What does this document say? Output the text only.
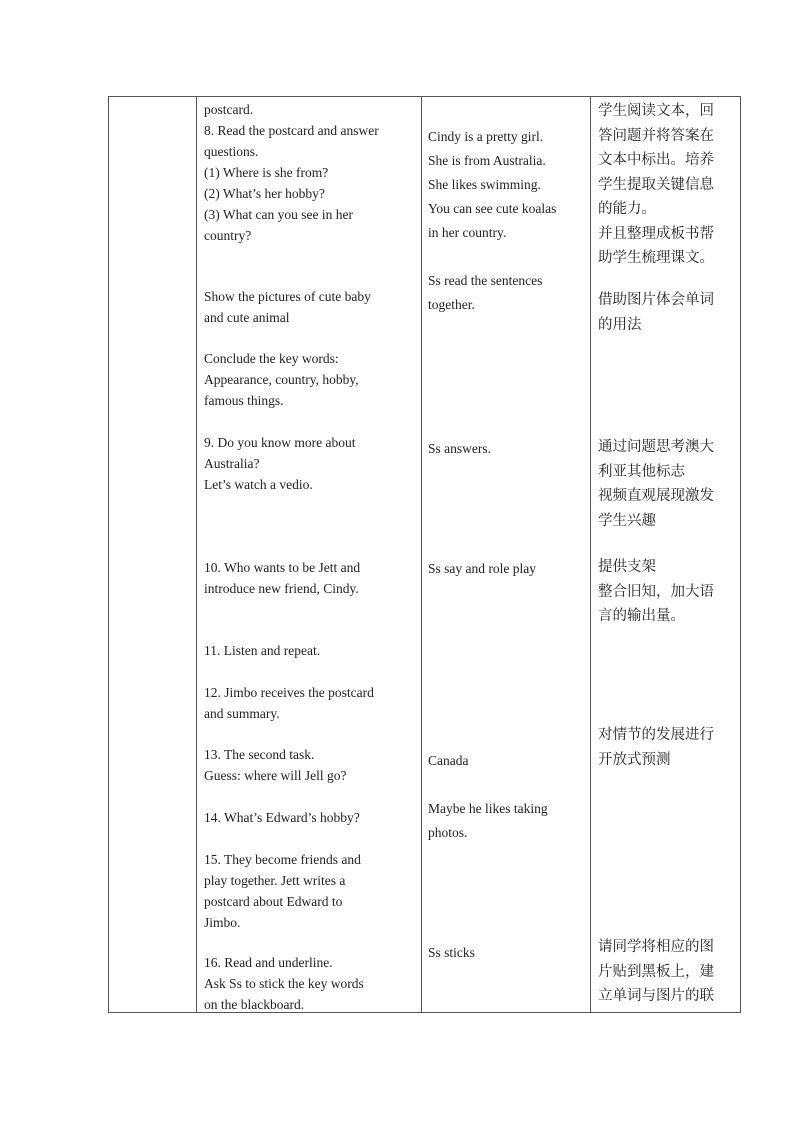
postcard.
8. Read the postcard and answer
questions.
(1) Where is she from?
(2) What’s her hobby?
(3) What can you see in her
country?
Show the pictures of cute baby
and cute animal
Conclude the key words:
Appearance, country, hobby,
famous things.
9. Do you know more about
Australia?
Let’s watch a vedio.
10. Who wants to be Jett and
introduce new friend, Cindy.
11. Listen and repeat.
12. Jimbo receives the postcard
and summary.
13. The second task.
Guess: where will Jell go?
14. What’s Edward’s hobby?
15. They become friends and
play together. Jett writes a
postcard about Edward to
Jimbo.
16. Read and underline.
Ask Ss to stick the key words
on the blackboard.
Cindy is a pretty girl.
She is from Australia.
She likes swimming.
You can see cute koalas
in her country.
Ss read the sentences
together.
Ss answers.
Ss say and role play
Canada
Maybe he likes taking
photos.
Ss sticks
学生阅读文本，回
答问题并将答案在
文本中标出。培养
学生提取关键信息
的能力。
并且整理成板书帮
助学生梳理课文。
借助图片体会单词
的用法
通过问题思考澳大
利亚其他标志
视频直观展现激发
学生兴趣
提供支架
整合旧知，加大语
言的输出量。
对情节的发展进行
开放式预测
请同学将相应的图
片贴到黑板上，建
立单词与图片的联
